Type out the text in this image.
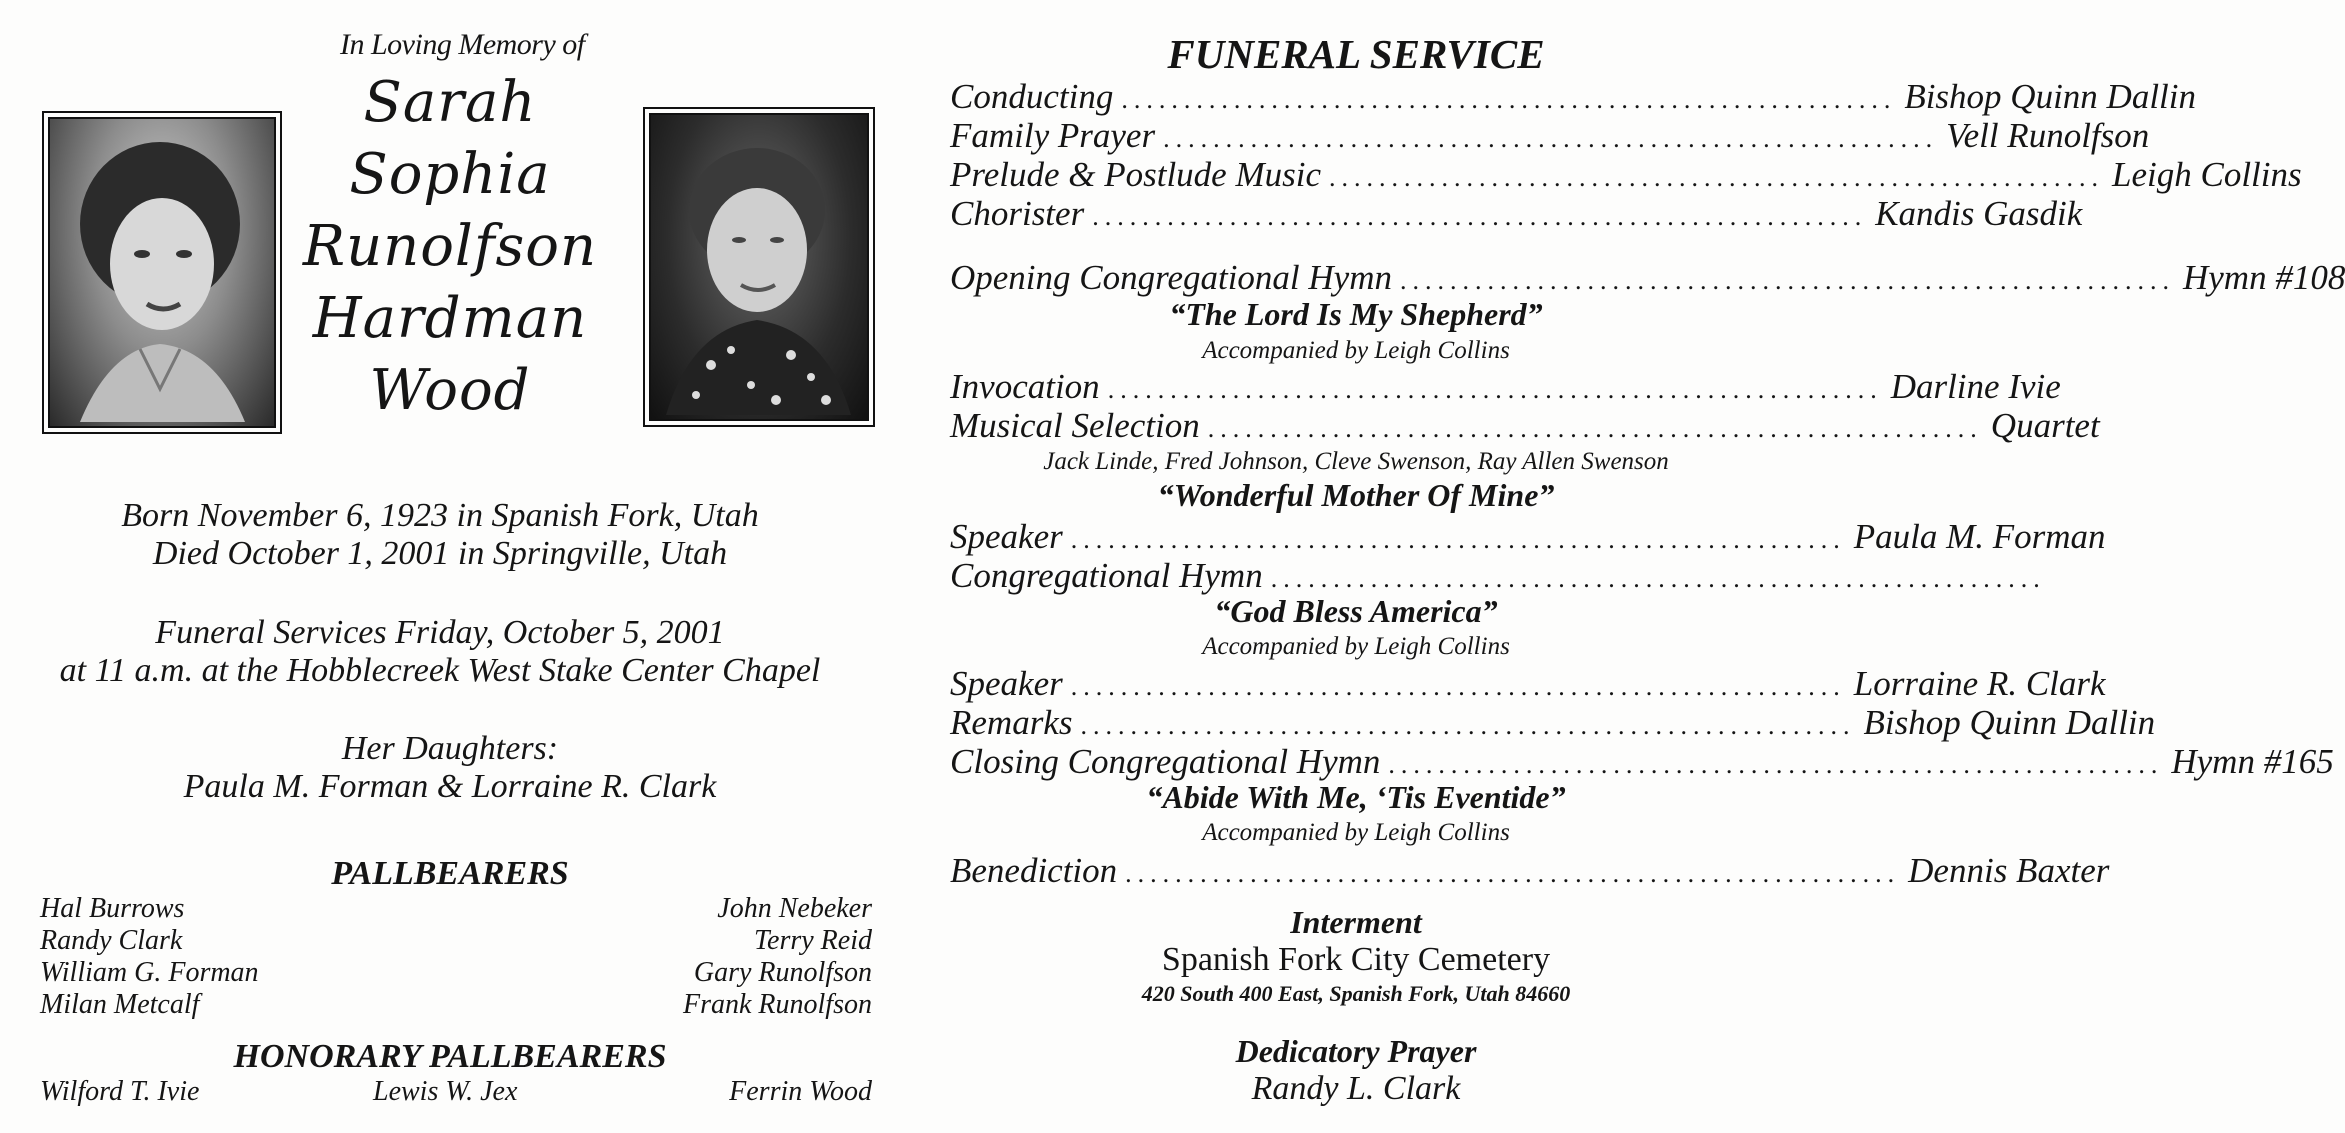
In Loving Memory of
Sarah
Sophia
Runolfson
Hardman
Wood
Born November 6, 1923 in Spanish Fork, Utah
Died October 1, 2001 in Springville, Utah
Funeral Services Friday, October 5, 2001
at 11 a.m. at the Hobblecreek West Stake Center Chapel
Her Daughters:
Paula M. Forman & Lorraine R. Clark
PALLBEARERS
Hal Burrows
Randy Clark
William G. Forman
Milan Metcalf
John Nebeker
Terry Reid
Gary Runolfson
Frank Runolfson
HONORARY PALLBEARERS
Wilford T. Ivie	Lewis W. Jex	Ferrin Wood
FUNERAL SERVICE
Conducting .............................................................. Bishop Quinn Dallin
Family Prayer .............................................................. Vell Runolfson
Prelude & Postlude Music .............................................................. Leigh Collins
Chorister .............................................................. Kandis Gasdik
Opening Congregational Hymn .............................................................. Hymn #108
“The Lord Is My Shepherd”
Accompanied by Leigh Collins
Invocation .............................................................. Darline Ivie
Musical Selection .............................................................. Quartet
Jack Linde, Fred Johnson, Cleve Swenson, Ray Allen Swenson
“Wonderful Mother Of Mine”
Speaker .............................................................. Paula M. Forman
Congregational Hymn ..............................................................
“God Bless America”
Accompanied by Leigh Collins
Speaker .............................................................. Lorraine R. Clark
Remarks .............................................................. Bishop Quinn Dallin
Closing Congregational Hymn .............................................................. Hymn #165
“Abide With Me, ‘Tis Eventide”
Accompanied by Leigh Collins
Benediction .............................................................. Dennis Baxter
Interment
Spanish Fork City Cemetery
420 South 400 East, Spanish Fork, Utah 84660
Dedicatory Prayer
Randy L. Clark
